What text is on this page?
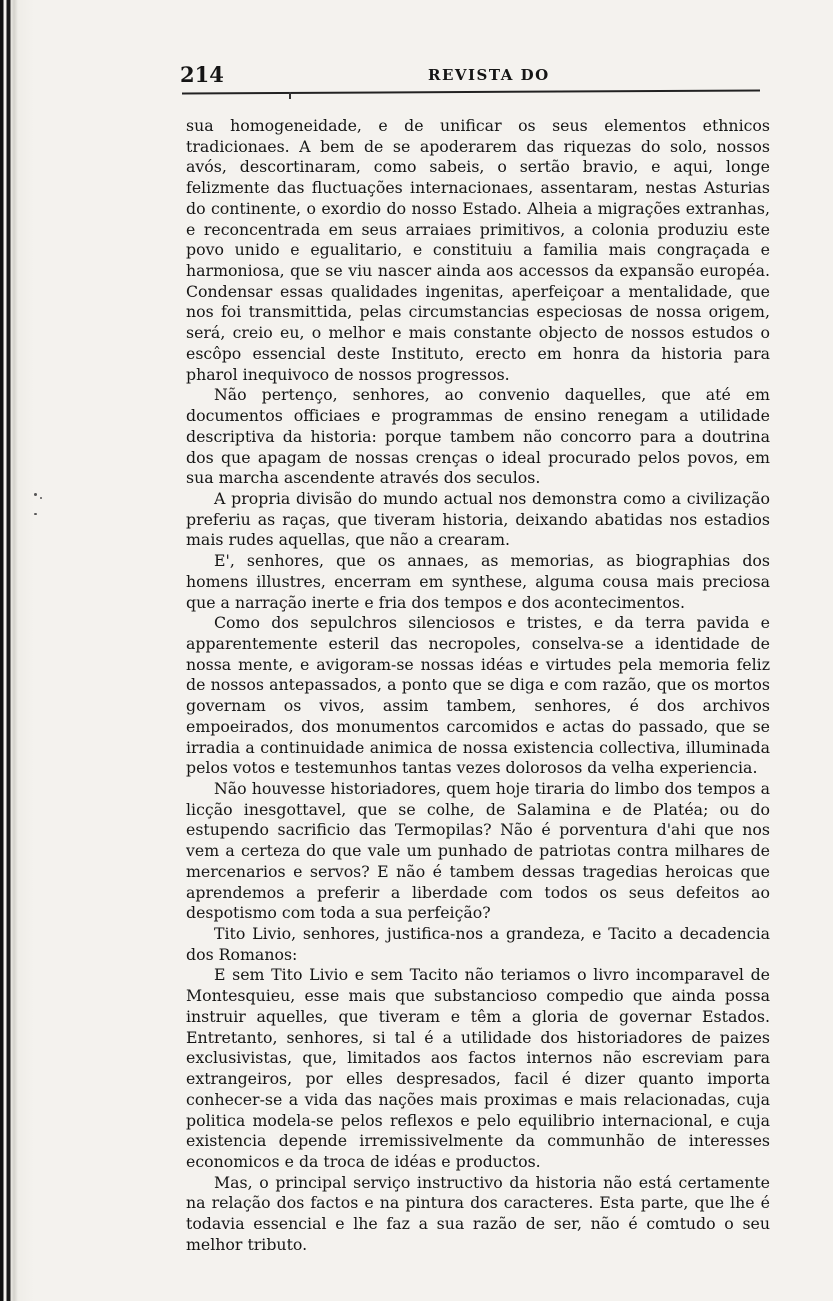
214	REVISTA DO

sua homogeneidade, e de unificar os seus elementos ethnicos tradicionaes. A bem de se apoderarem das riquezas do solo, nossos avós, descortinaram, como sabeis, o sertão bravio, e aqui, longe felizmente das fluctuações internacionaes, assentaram, nestas Asturias do continente, o exordio do nosso Estado. Alheia a migrações extranhas, e reconcentrada em seus arraiaes primitivos, a colonia produziu este povo unido e egualitario, e constituiu a familia mais congraçada e harmoniosa, que se viu nascer ainda aos accessos da expansão européa. Condensar essas qualidades ingenitas, aperfeiçoar a mentalidade, que nos foi transmittida, pelas circumstancias especiosas de nossa origem, será, creio eu, o melhor e mais constante objecto de nossos estudos o escôpo essencial deste Instituto, erecto em honra da historia para pharol inequivoco de nossos progressos.

Não pertenço, senhores, ao convenio daquelles, que até em documentos officiaes e programmas de ensino renegam a utilidade descriptiva da historia: porque tambem não concorro para a doutrina dos que apagam de nossas crenças o ideal procurado pelos povos, em sua marcha ascendente através dos seculos.

A propria divisão do mundo actual nos demonstra como a civilização preferiu as raças, que tiveram historia, deixando abatidas nos estadios mais rudes aquellas, que não a crearam.

E', senhores, que os annaes, as memorias, as biographias dos homens illustres, encerram em synthese, alguma cousa mais preciosa que a narração inerte e fria dos tempos e dos acontecimentos.

Como dos sepulchros silenciosos e tristes, e da terra pavida e apparentemente esteril das necropoles, conselva-se a identidade de nossa mente, e avigoram-se nossas idéas e virtudes pela memoria feliz de nossos antepassados, a ponto que se diga e com razão, que os mortos governam os vivos, assim tambem, senhores, é dos archivos empoeirados, dos monumentos carcomidos e actas do passado, que se irradia a continuidade animica de nossa existencia collectiva, illuminada pelos votos e testemunhos tantas vezes dolorosos da velha experiencia.

Não houvesse historiadores, quem hoje tiraria do limbo dos tempos a licção inesgottavel, que se colhe, de Salamina e de Platéa; ou do estupendo sacrificio das Termopilas? Não é porventura d'ahi que nos vem a certeza do que vale um punhado de patriotas contra milhares de mercenarios e servos? E não é tambem dessas tragedias heroicas que aprendemos a preferir a liberdade com todos os seus defeitos ao despotismo com toda a sua perfeição?

Tito Livio, senhores, justifica-nos a grandeza, e Tacito a decadencia dos Romanos:

E sem Tito Livio e sem Tacito não teriamos o livro incomparavel de Montesquieu, esse mais que substancioso compedio que ainda possa instruir aquelles, que tiveram e têm a gloria de governar Estados. Entretanto, senhores, si tal é a utilidade dos historiadores de paizes exclusivistas, que, limitados aos factos internos não escreviam para extrangeiros, por elles despresados, facil é dizer quanto importa conhecer-se a vida das nações mais proximas e mais relacionadas, cuja politica modela-se pelos reflexos e pelo equilibrio internacional, e cuja existencia depende irremissivelmente da communhão de interesses economicos e da troca de idéas e productos.

Mas, o principal serviço instructivo da historia não está certamente na relação dos factos e na pintura dos caracteres. Esta parte, que lhe é todavia essencial e lhe faz a sua razão de ser, não é comtudo o seu melhor tributo.
